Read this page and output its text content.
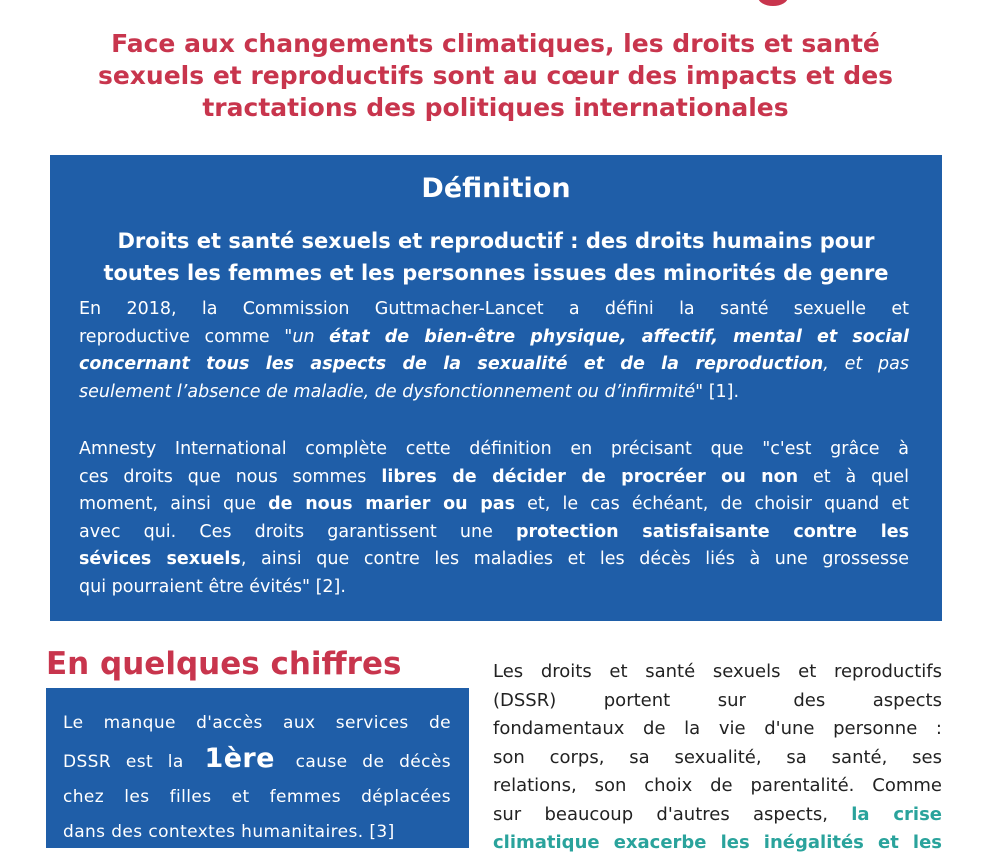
Face aux changements climatiques, les droits et santé
sexuels et reproductifs sont au cœur des impacts et des
tractations des politiques internationales
Définition
Droits et santé sexuels et reproductif : des droits humains pour
toutes les femmes et les personnes issues des minorités de genre
En 2018, la Commission Guttmacher-Lancet a défini la santé sexuelle et
reproductive comme "un état de bien-être physique, affectif, mental et social
concernant tous les aspects de la sexualité et de la reproduction, et pas
seulement l’absence de maladie, de dysfonctionnement ou d’infirmité" [1].
Amnesty International complète cette définition en précisant que "c'est grâce à
ces droits que nous sommes libres de décider de procréer ou non et à quel
moment, ainsi que de nous marier ou pas et, le cas échéant, de choisir quand et
avec qui. Ces droits garantissent une protection satisfaisante contre les
sévices sexuels, ainsi que contre les maladies et les décès liés à une grossesse
qui pourraient être évités" [2].
En quelques chiffres
Le manque d'accès aux services de
DSSR est la 1ère cause de décès
chez les filles et femmes déplacées
dans des contextes humanitaires. [3]
Les droits et santé sexuels et reproductifs
(DSSR) portent sur des aspects
fondamentaux de la vie d'une personne :
son corps, sa sexualité, sa santé, ses
relations, son choix de parentalité. Comme
sur beaucoup d'autres aspects, la crise
climatique exacerbe les inégalités et les
